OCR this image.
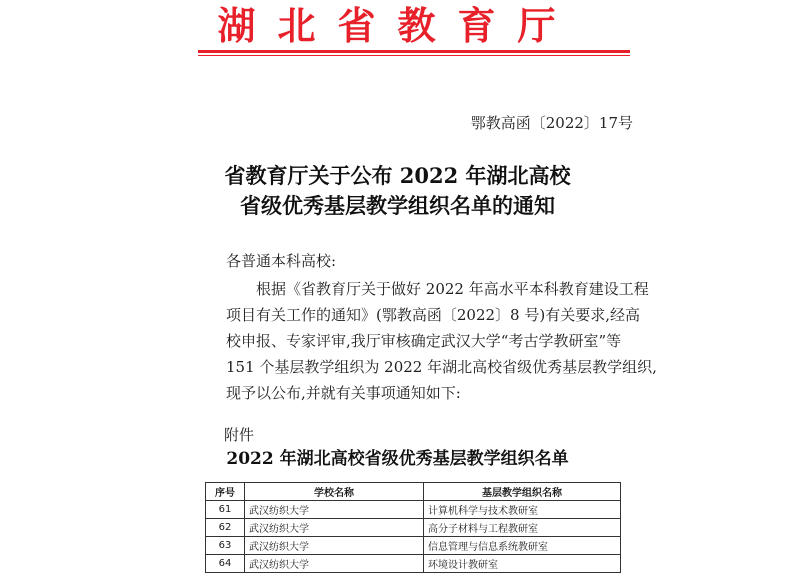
湖北省教育厅
鄂教高函〔2022〕17号
省教育厅关于公布 2022 年湖北高校
省级优秀基层教学组织名单的通知
各普通本科高校:

根据《省教育厅关于做好 2022 年高水平本科教育建设工程

项目有关工作的通知》(鄂教高函〔2022〕8 号)有关要求,经高

校申报、专家评审,我厅审核确定武汉大学“考古学教研室”等

151 个基层教学组织为 2022 年湖北高校省级优秀基层教学组织,

现予以公布,并就有关事项通知如下:

附件
2022 年湖北高校省级优秀基层教学组织名单
序号	学校名称	基层教学组织名称
61	武汉纺织大学	计算机科学与技术教研室
62	武汉纺织大学	高分子材料与工程教研室
63	武汉纺织大学	信息管理与信息系统教研室
64	武汉纺织大学	环境设计教研室
